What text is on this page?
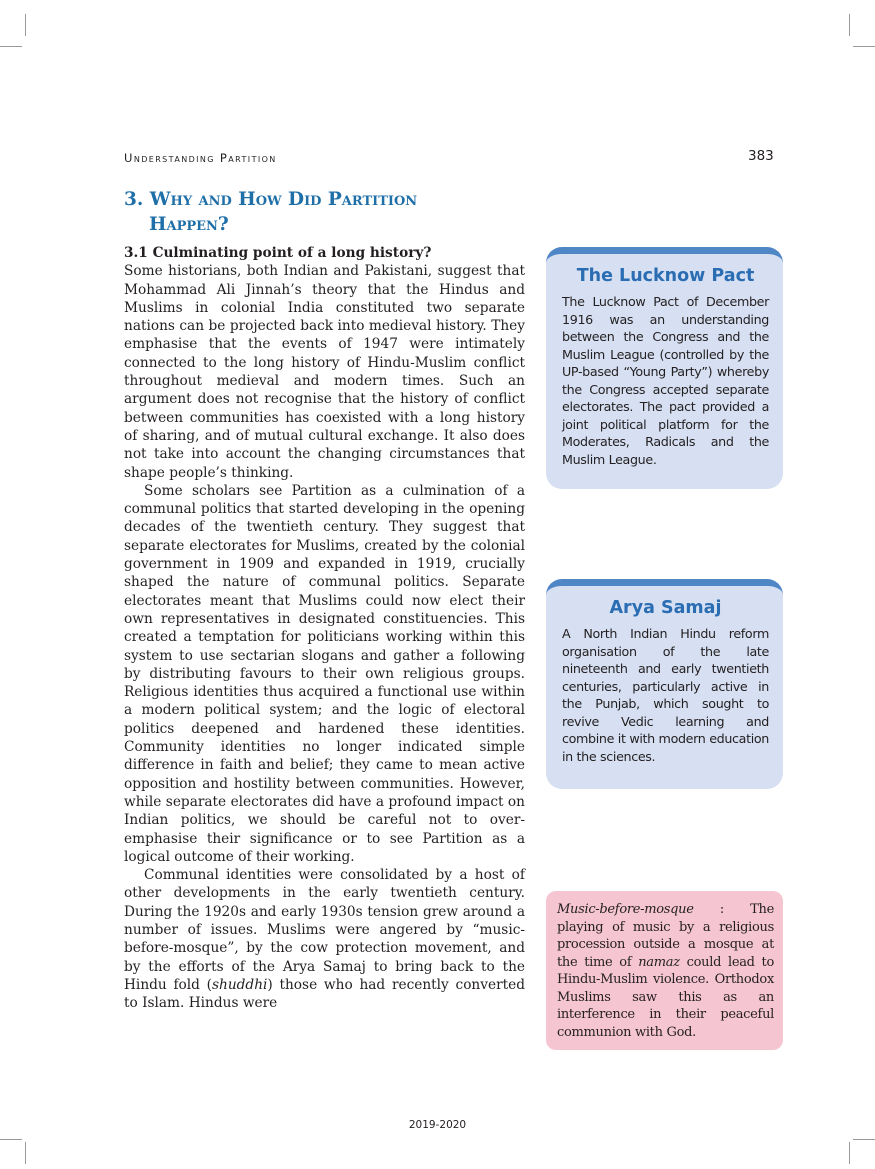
Understanding Partition	383
3. Why and How Did Partition
Happen?
3.1 Culminating point of a long history?

Some historians, both Indian and Pakistani, suggest that Mohammad Ali Jinnah’s theory that the Hindus and Muslims in colonial India constituted two separate nations can be projected back into medieval history. They emphasise that the events of 1947 were intimately connected to the long history of Hindu-Muslim conflict throughout medieval and modern times. Such an argument does not recognise that the history of conflict between communities has coexisted with a long history of sharing, and of mutual cultural exchange. It also does not take into account the changing circumstances that shape people’s thinking.

Some scholars see Partition as a culmination of a communal politics that started developing in the opening decades of the twentieth century. They suggest that separate electorates for Muslims, created by the colonial government in 1909 and expanded in 1919, crucially shaped the nature of communal politics. Separate electorates meant that Muslims could now elect their own representatives in designated constituencies. This created a temptation for politicians working within this system to use sectarian slogans and gather a following by distributing favours to their own religious groups. Religious identities thus acquired a functional use within a modern political system; and the logic of electoral politics deepened and hardened these identities. Community identities no longer indicated simple difference in faith and belief; they came to mean active opposition and hostility between communities. However, while separate electorates did have a profound impact on Indian politics, we should be careful not to over-emphasise their significance or to see Partition as a logical outcome of their working.

Communal identities were consolidated by a host of other developments in the early twentieth century. During the 1920s and early 1930s tension grew around a number of issues. Muslims were angered by “music-before-mosque”, by the cow protection movement, and by the efforts of the Arya Samaj to bring back to the Hindu fold (shuddhi) those who had recently converted to Islam. Hindus were

The Lucknow Pact

The Lucknow Pact of December 1916 was an understanding between the Congress and the Muslim League (controlled by the UP-based “Young Party”) whereby the Congress accepted separate electorates. The pact provided a joint political platform for the Moderates, Radicals and the Muslim League.

Arya Samaj

A North Indian Hindu reform organisation of the late nineteenth and early twentieth centuries, particularly active in the Punjab, which sought to revive Vedic learning and combine it with modern education in the sciences.

Music-before-mosque : The playing of music by a religious procession outside a mosque at the time of namaz could lead to Hindu-Muslim violence. Orthodox Muslims saw this as an interference in their peaceful communion with God.
2019-2020
